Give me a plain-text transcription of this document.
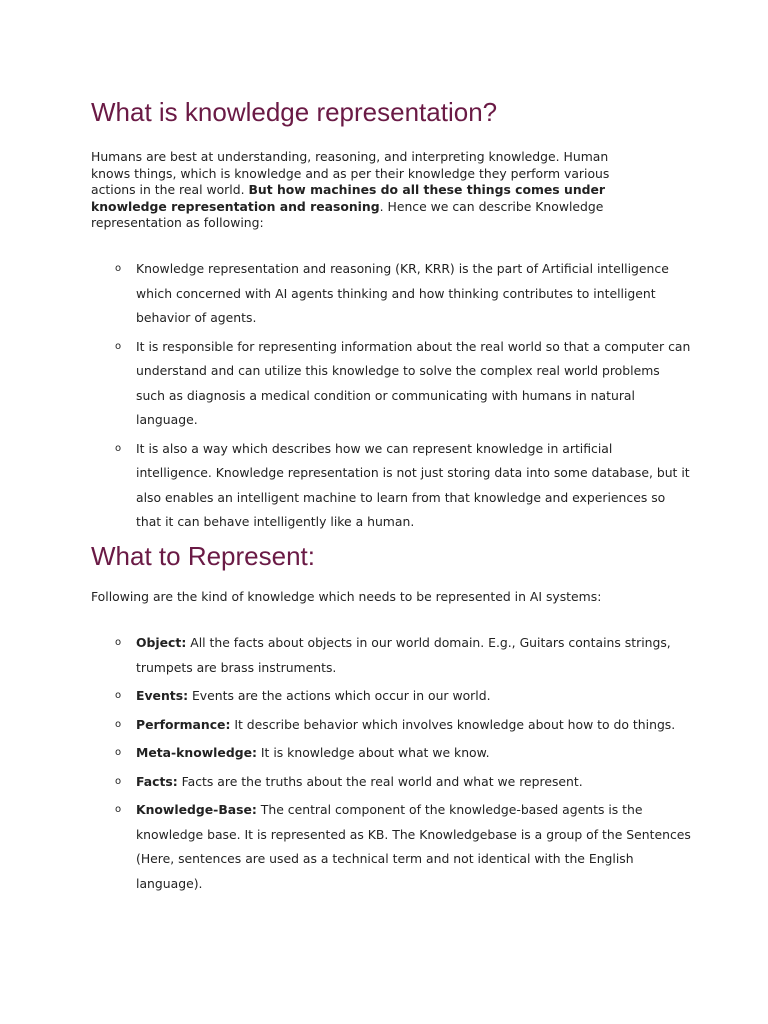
What is knowledge representation?

Humans are best at understanding, reasoning, and interpreting knowledge. Human knows things, which is knowledge and as per their knowledge they perform various actions in the real world. But how machines do all these things comes under knowledge representation and reasoning. Hence we can describe Knowledge representation as following:

o Knowledge representation and reasoning (KR, KRR) is the part of Artificial intelligence which concerned with AI agents thinking and how thinking contributes to intelligent behavior of agents.
o It is responsible for representing information about the real world so that a computer can understand and can utilize this knowledge to solve the complex real world problems such as diagnosis a medical condition or communicating with humans in natural language.
o It is also a way which describes how we can represent knowledge in artificial intelligence. Knowledge representation is not just storing data into some database, but it also enables an intelligent machine to learn from that knowledge and experiences so that it can behave intelligently like a human.
What to Represent:

Following are the kind of knowledge which needs to be represented in AI systems:

o Object: All the facts about objects in our world domain. E.g., Guitars contains strings, trumpets are brass instruments.
o Events: Events are the actions which occur in our world.
o Performance: It describe behavior which involves knowledge about how to do things.
o Meta-knowledge: It is knowledge about what we know.
o Facts: Facts are the truths about the real world and what we represent.
o Knowledge-Base: The central component of the knowledge-based agents is the knowledge base. It is represented as KB. The Knowledgebase is a group of the Sentences (Here, sentences are used as a technical term and not identical with the English language).
